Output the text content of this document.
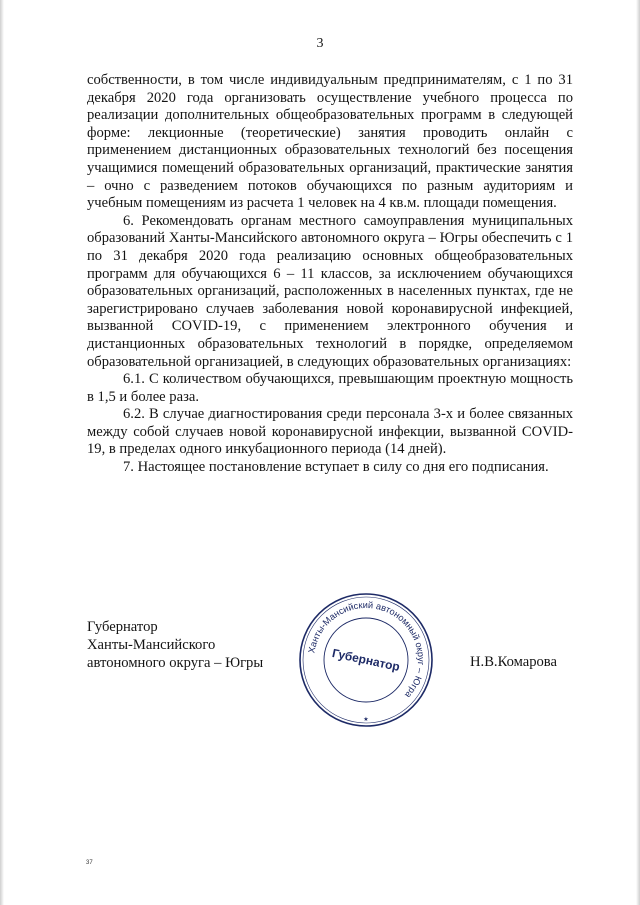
3

собственности, в том числе индивидуальным предпринимателям, с 1 по 31 декабря 2020 года организовать осуществление учебного процесса по реализации дополнительных общеобразовательных программ в следующей форме: лекционные (теоретические) занятия проводить онлайн с применением дистанционных образовательных технологий без посещения учащимися помещений образовательных организаций, практические занятия – очно с разведением потоков обучающихся по разным аудиториям и учебным помещениям из расчета 1 человек на 4 кв.м. площади помещения.

6. Рекомендовать органам местного самоуправления муниципальных образований Ханты-Мансийского автономного округа – Югры обеспечить с 1 по 31 декабря 2020 года реализацию основных общеобразовательных программ для обучающихся 6 – 11 классов, за исключением обучающихся образовательных организаций, расположенных в населенных пунктах, где не зарегистрировано случаев заболевания новой коронавирусной инфекцией, вызванной COVID-19, с применением электронного обучения и дистанционных образовательных технологий в порядке, определяемом образовательной организацией, в следующих образовательных организациях:

6.1. С количеством обучающихся, превышающим проектную мощность в 1,5 и более раза.

6.2. В случае диагностирования среди персонала 3-х и более связанных между собой случаев новой коронавирусной инфекции, вызванной COVID-19, в пределах одного инкубационного периода (14 дней).

7. Настоящее постановление вступает в силу со дня его подписания.

Губернатор
Ханты-Мансийского
автономного округа – Югры
Ханты-Мансийский автономный округ – Югра
★
Губернатор	Н.В.Комарова
37
